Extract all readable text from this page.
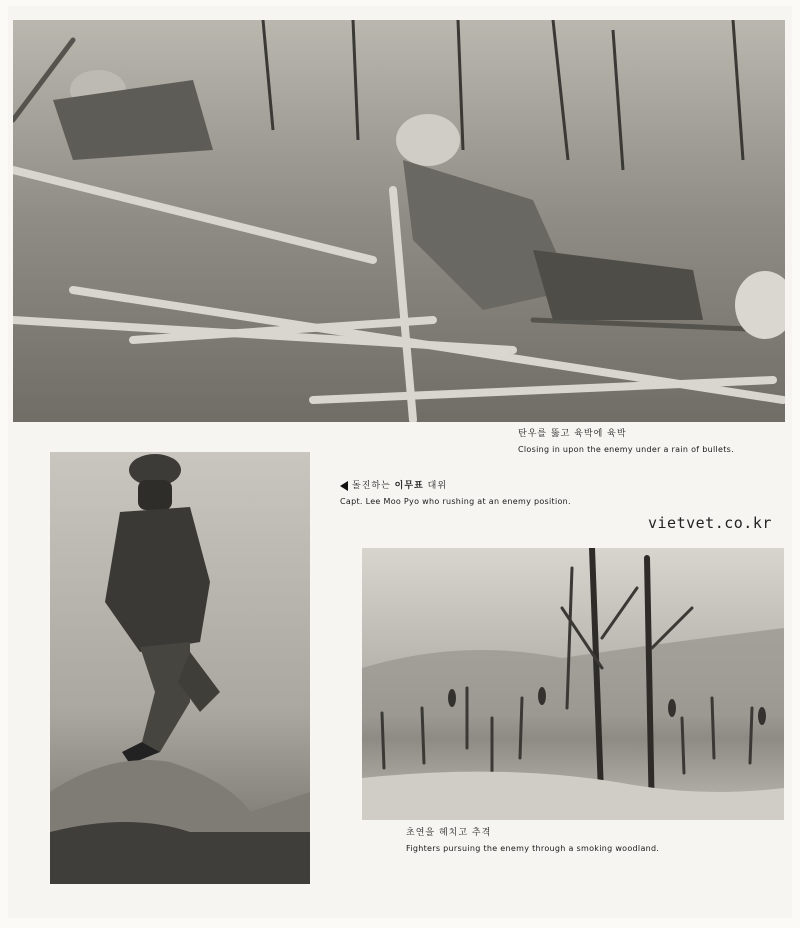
탄우를 뚫고 육박에 육박
Closing in upon the enemy under a rain of bullets.
돌진하는 이무표 대위
Capt. Lee Moo Pyo who rushing at an enemy position.
vietvet.co.kr
초연을 헤치고 추격
Fighters pursuing the enemy through a smoking woodland.
